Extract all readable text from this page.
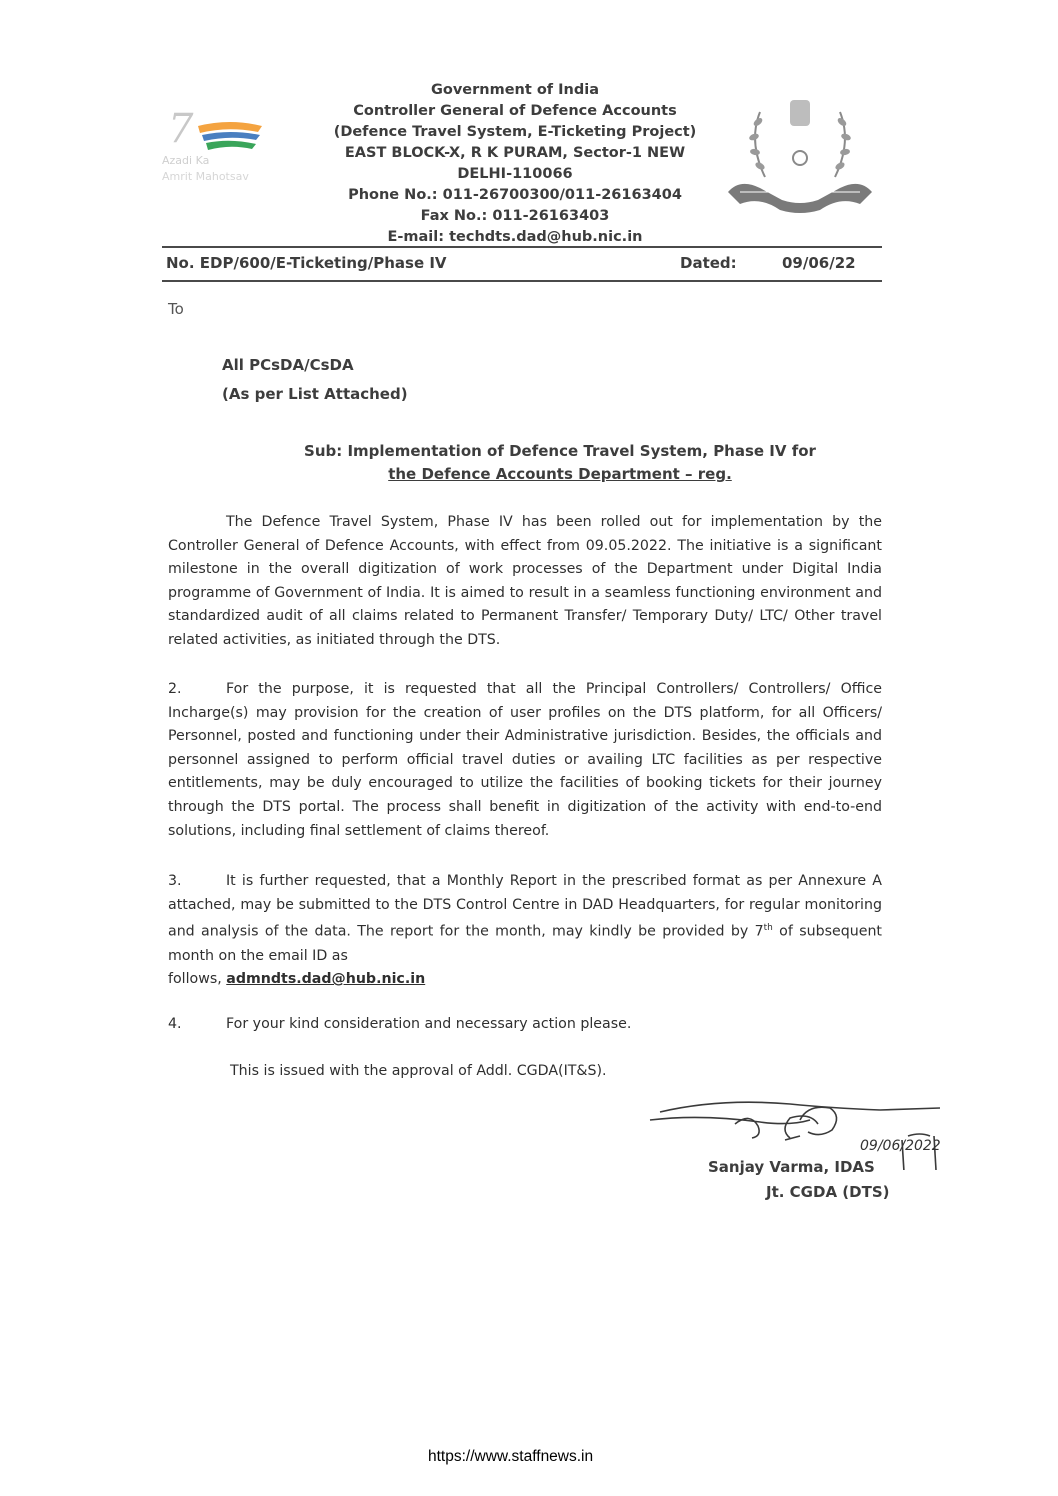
7
Azadi Ka
Amrit Mahotsav
Government of India
Controller General of Defence Accounts
(Defence Travel System, E-Ticketing Project)
EAST BLOCK-X, R K PURAM, Sector-1 NEW
DELHI-110066
Phone No.: 011-26700300/011-26163404
Fax No.: 011-26163403
E-mail: techdts.dad@hub.nic.in
No. EDP/600/E-Ticketing/Phase IV	Dated:	09/06/22
To
All PCsDA/CsDA
(As per List Attached)
Sub: Implementation of Defence Travel System, Phase IV for
the Defence Accounts Department – reg.
The Defence Travel System, Phase IV has been rolled out for implementation by the Controller General of Defence Accounts, with effect from 09.05.2022. The initiative is a significant milestone in the overall digitization of work processes of the Department under Digital India programme of Government of India. It is aimed to result in a seamless functioning environment and standardized audit of all claims related to Permanent Transfer/ Temporary Duty/ LTC/ Other travel related activities, as initiated through the DTS.
2.	For the purpose, it is requested that all the Principal Controllers/ Controllers/ Office Incharge(s) may provision for the creation of user profiles on the DTS platform, for all Officers/ Personnel, posted and functioning under their Administrative jurisdiction. Besides, the officials and personnel assigned to perform official travel duties or availing LTC facilities as per respective entitlements, may be duly encouraged to utilize the facilities of booking tickets for their journey through the DTS portal. The process shall benefit in digitization of the activity with end-to-end solutions, including final settlement of claims thereof.
3.	It is further requested, that a Monthly Report in the prescribed format as per Annexure A attached, may be submitted to the DTS Control Centre in DAD Headquarters, for regular monitoring and analysis of the data. The report for the month, may kindly be provided by 7th of subsequent month on the email ID as
follows, admndts.dad@hub.nic.in
4.	For your kind consideration and necessary action please.
This is issued with the approval of Addl. CGDA(IT&S).
09/06/2022
Sanjay Varma, IDAS
Jt. CGDA (DTS)
https://www.staffnews.in
